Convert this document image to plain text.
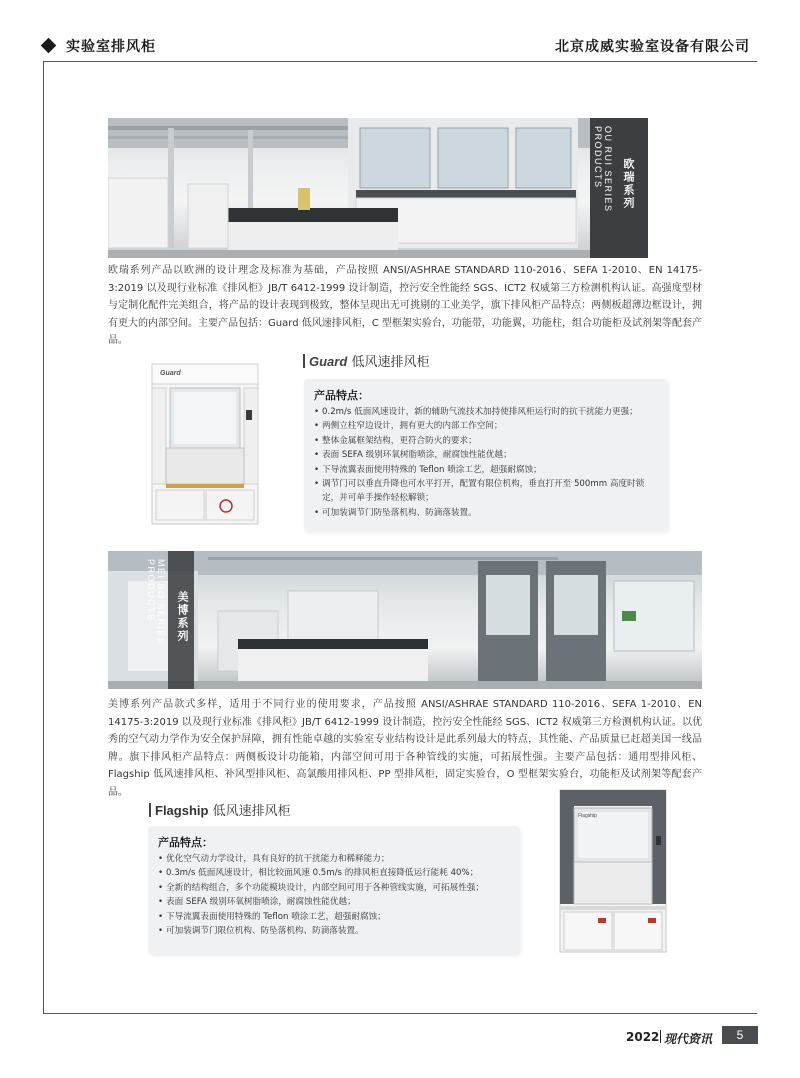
实验室排风柜	北京成威实验室设备有限公司
OU RUI SERIES PRODUCTS	欧瑞系列
欧瑞系列产品以欧洲的设计理念及标准为基础，产品按照 ANSI/ASHRAE STANDARD 110-2016、SEFA 1-2010、EN 14175-3:2019 以及现行业标准《排风柜》JB/T 6412-1999 设计制造，控污安全性能经 SGS、ICT2 权威第三方检测机构认证。高强度型材与定制化配件完美组合，将产品的设计表现到极致，整体呈现出无可挑剔的工业美学，旗下排风柜产品特点：两侧板超薄边框设计，拥有更大的内部空间。主要产品包括：Guard 低风速排风柜，C 型框架实验台，功能带，功能翼，功能柱，组合功能柜及试剂架等配套产品。
Guard
Guard 低风速排风柜
产品特点：
• 0.2m/s 低面风速设计，新的辅助气流技术加持使排风柜运行时的抗干扰能力更强；
• 两侧立柱窄边设计，拥有更大的内部工作空间；
• 整体金属框架结构，更符合防火的要求；
• 表面 SEFA 级别环氧树脂喷涂，耐腐蚀性能优越；
• 下导流翼表面使用特殊的 Teflon 喷涂工艺，超强耐腐蚀；
• 调节门可以垂直升降也可水平打开，配置有限位机构，垂直打开至 500mm 高度时锁定，并可单手操作轻松解锁；
• 可加装调节门防坠落机构、防滴落装置。
MEI BO SERIES PRODUCTS	美博系列
美博系列产品款式多样，适用于不同行业的使用要求，产品按照 ANSI/ASHRAE STANDARD 110-2016、SEFA 1-2010、EN 14175-3:2019 以及现行业标准《排风柜》JB/T 6412-1999 设计制造，控污安全性能经 SGS、ICT2 权威第三方检测机构认证。以优秀的空气动力学作为安全保护屏障，拥有性能卓越的实验室专业结构设计是此系列最大的特点，其性能、产品质量已赶超美国一线品牌。旗下排风柜产品特点：两侧板设计功能箱，内部空间可用于各种管线的实施，可拓展性强。主要产品包括：通用型排风柜、Flagship 低风速排风柜、补风型排风柜、高氯酸用排风柜、PP 型排风柜，固定实验台，O 型框架实验台，功能柜及试剂架等配套产品。
Flagship 低风速排风柜
产品特点：
• 优化空气动力学设计，具有良好的抗干扰能力和稀释能力；
• 0.3m/s 低面风速设计，相比较面风速 0.5m/s 的排风柜直接降低运行能耗 40%；
• 全新的结构组合，多个功能模块设计，内部空间可用于各种管线实施，可拓展性强；
• 表面 SEFA 级别环氧树脂喷涂，耐腐蚀性能优越；
• 下导流翼表面使用特殊的 Teflon 喷涂工艺，超强耐腐蚀；
• 可加装调节门限位机构、防坠落机构、防滴落装置。
Flagship
2022 现代资讯	5
